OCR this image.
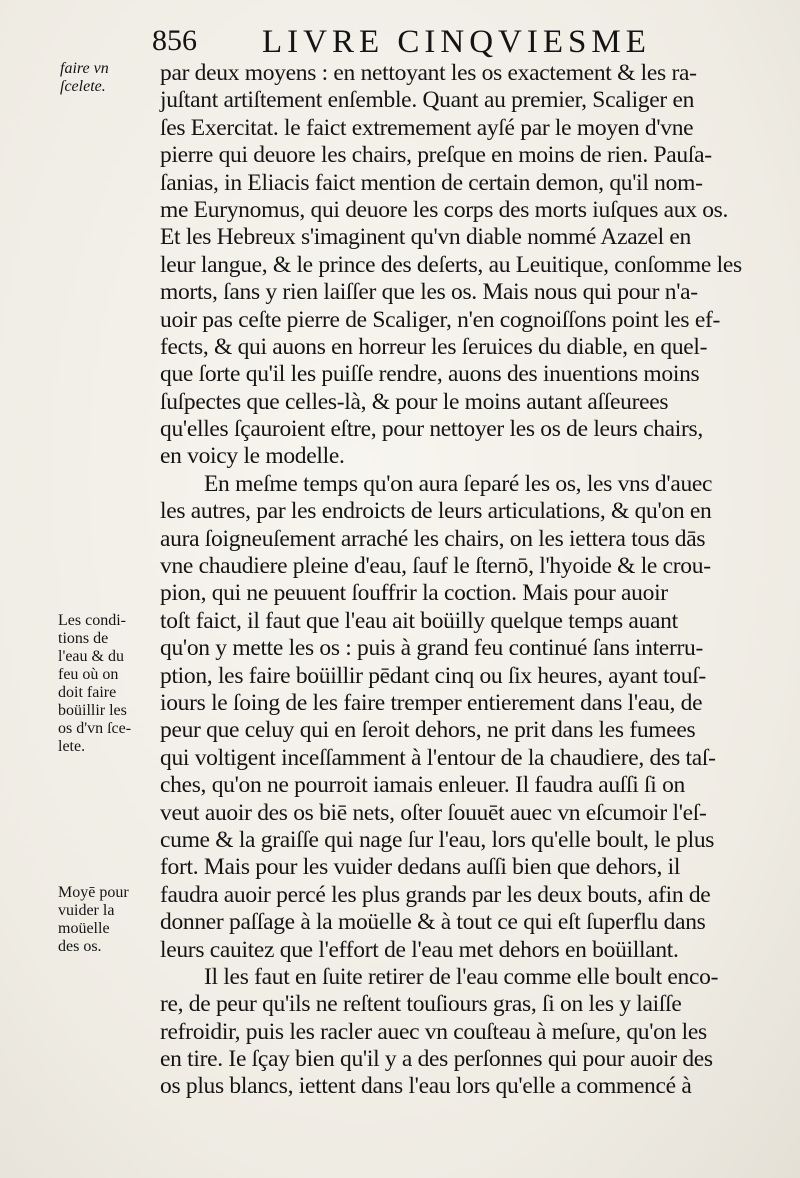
856 LIVRE CINQVIESME
faire vn
ſcelete.
Les condi-
tions de
l'eau & du
feu où on
doit faire
boüillir les
os d'vn ſce-
lete.
Moyē pour
vuider la
moüelle
des os.
par deux moyens : en nettoyant les os exactement & les ra-
juſtant artiſtement enſemble. Quant au premier, Scaliger en
ſes Exercitat. le faict extremement ayſé par le moyen d'vne
pierre qui deuore les chairs, preſque en moins de rien. Pauſa-
ſanias, in Eliacis faict mention de certain demon, qu'il nom-
me Eurynomus, qui deuore les corps des morts iuſques aux os.
Et les Hebreux s'imaginent qu'vn diable nommé Azazel en
leur langue, & le prince des deſerts, au Leuitique, conſomme les
morts, ſans y rien laiſſer que les os. Mais nous qui pour n'a-
uoir pas ceſte pierre de Scaliger, n'en cognoiſſons point les ef-
fects, & qui auons en horreur les ſeruices du diable, en quel-
que ſorte qu'il les puiſſe rendre, auons des inuentions moins
ſuſpectes que celles-là, & pour le moins autant aſſeurees
qu'elles ſçauroient eſtre, pour nettoyer les os de leurs chairs,
en voicy le modelle.
En meſme temps qu'on aura ſeparé les os, les vns d'auec
les autres, par les endroicts de leurs articulations, & qu'on en
aura ſoigneuſement arraché les chairs, on les iettera tous dās
vne chaudiere pleine d'eau, ſauf le ſternō, l'hyoide & le crou-
pion, qui ne peuuent ſouffrir la coction. Mais pour auoir
toſt faict, il faut que l'eau ait boüilly quelque temps auant
qu'on y mette les os : puis à grand feu continué ſans interru-
ption, les faire boüillir pēdant cinq ou ſix heures, ayant touſ-
iours le ſoing de les faire tremper entierement dans l'eau, de
peur que celuy qui en ſeroit dehors, ne prit dans les fumees
qui voltigent inceſſamment à l'entour de la chaudiere, des taſ-
ches, qu'on ne pourroit iamais enleuer. Il faudra auſſi ſi on
veut auoir des os biē nets, oſter ſouuēt auec vn eſcumoir l'eſ-
cume & la graiſſe qui nage ſur l'eau, lors qu'elle boult, le plus
fort. Mais pour les vuider dedans auſſi bien que dehors, il
faudra auoir percé les plus grands par les deux bouts, afin de
donner paſſage à la moüelle & à tout ce qui eſt ſuperflu dans
leurs cauitez que l'effort de l'eau met dehors en boüillant.
Il les faut en ſuite retirer de l'eau comme elle boult enco-
re, de peur qu'ils ne reſtent touſiours gras, ſi on les y laiſſe
refroidir, puis les racler auec vn couſteau à meſure, qu'on les
en tire. Ie ſçay bien qu'il y a des perſonnes qui pour auoir des
os plus blancs, iettent dans l'eau lors qu'elle a commencé à
